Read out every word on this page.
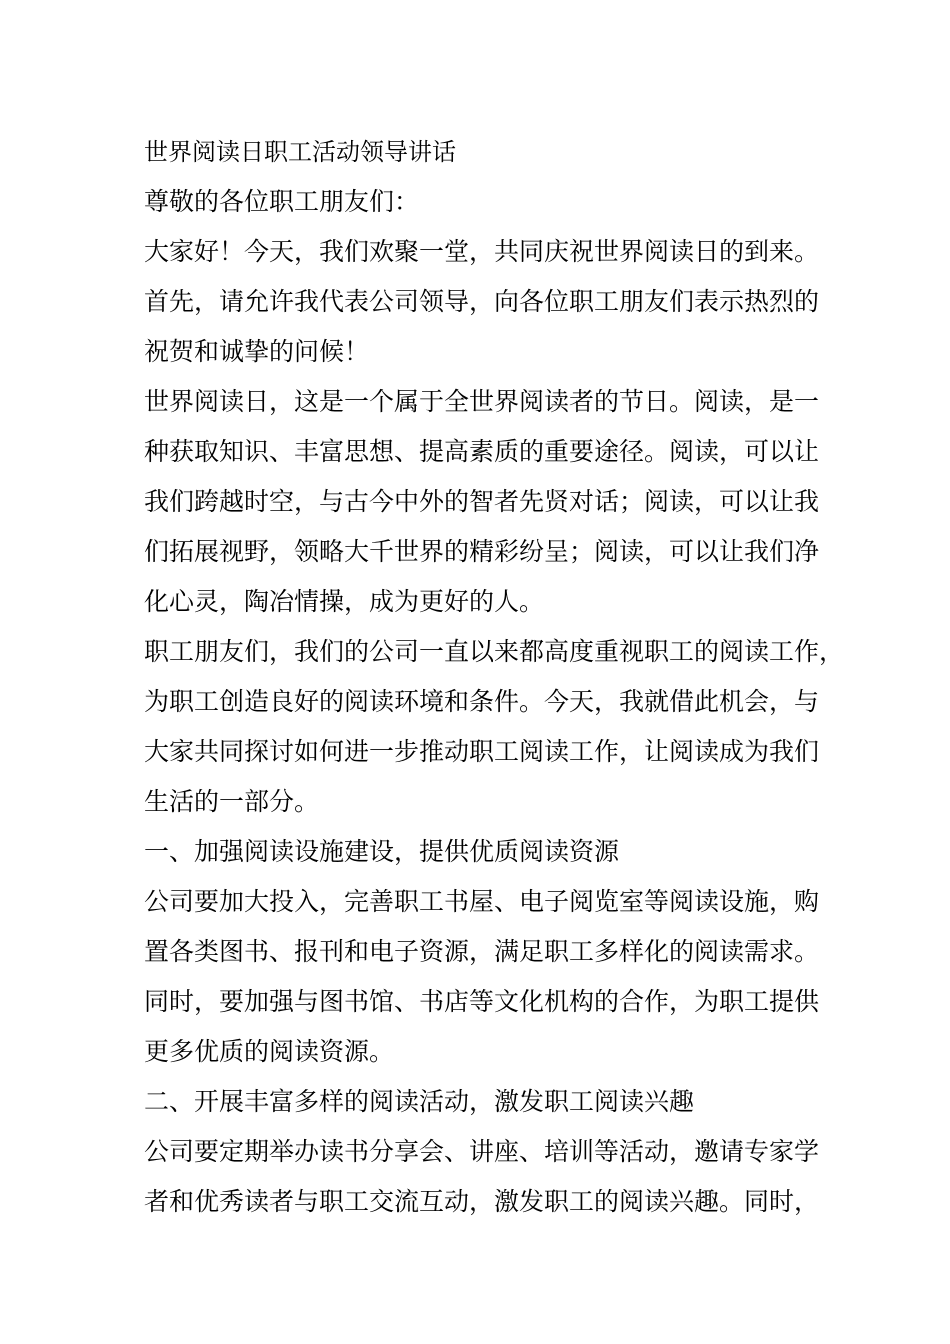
世界阅读日职工活动领导讲话
尊敬的各位职工朋友们：
大家好！今天，我们欢聚一堂，共同庆祝世界阅读日的到来。
首先，请允许我代表公司领导，向各位职工朋友们表示热烈的
祝贺和诚挚的问候！
世界阅读日，这是一个属于全世界阅读者的节日。阅读，是一
种获取知识、丰富思想、提高素质的重要途径。阅读，可以让
我们跨越时空，与古今中外的智者先贤对话；阅读，可以让我
们拓展视野，领略大千世界的精彩纷呈；阅读，可以让我们净
化心灵，陶冶情操，成为更好的人。
职工朋友们，我们的公司一直以来都高度重视职工的阅读工作，
为职工创造良好的阅读环境和条件。今天，我就借此机会，与
大家共同探讨如何进一步推动职工阅读工作，让阅读成为我们
生活的一部分。
一、加强阅读设施建设，提供优质阅读资源
公司要加大投入，完善职工书屋、电子阅览室等阅读设施，购
置各类图书、报刊和电子资源，满足职工多样化的阅读需求。
同时，要加强与图书馆、书店等文化机构的合作，为职工提供
更多优质的阅读资源。
二、开展丰富多样的阅读活动，激发职工阅读兴趣
公司要定期举办读书分享会、讲座、培训等活动，邀请专家学
者和优秀读者与职工交流互动，激发职工的阅读兴趣。同时，
